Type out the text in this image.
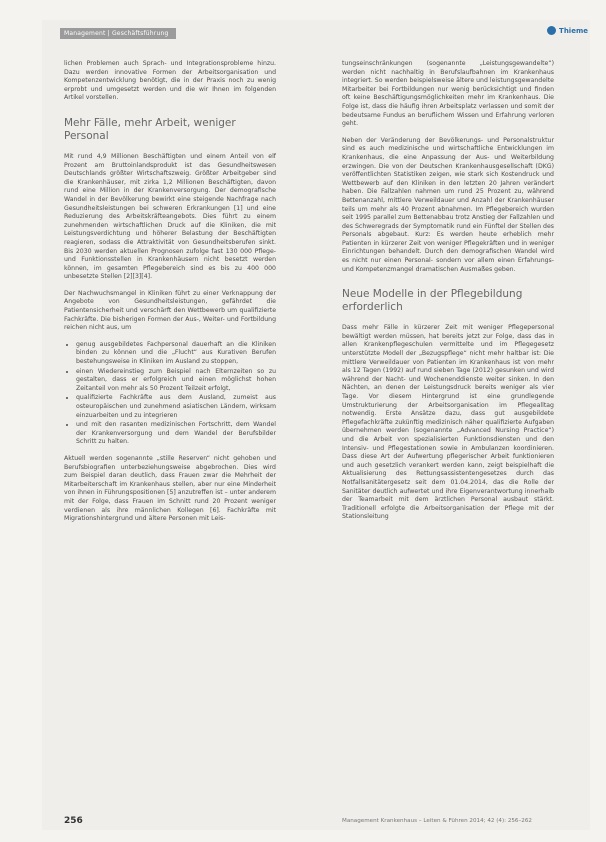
Management | Geschäftsführung	Thieme

lichen Problemen auch Sprach- und Integrationsprobleme hinzu. Dazu werden innovative Formen der Arbeitsorganisation und Kompetenzentwicklung benötigt, die in der Praxis noch zu wenig erprobt und umgesetzt werden und die wir Ihnen im folgenden Artikel vorstellen.

Mehr Fälle, mehr Arbeit, weniger Personal

Mit rund 4,9 Millionen Beschäftigten und einem Anteil von elf Prozent am Bruttoinlandsprodukt ist das Gesundheitswesen Deutschlands größter Wirtschaftszweig. Größter Arbeitgeber sind die Krankenhäuser, mit zirka 1,2 Millionen Beschäftigten, davon rund eine Million in der Krankenversorgung. Der demografische Wandel in der Bevölkerung bewirkt eine steigende Nachfrage nach Gesundheitsleistungen bei schweren Erkrankungen [1] und eine Reduzierung des Arbeitskräfteangebots. Dies führt zu einem zunehmenden wirtschaftlichen Druck auf die Kliniken, die mit Leistungsverdichtung und höherer Belastung der Beschäftigten reagieren, sodass die Attraktivität von Gesundheitsberufen sinkt. Bis 2030 werden aktuellen Prognosen zufolge fast 130 000 Pflege- und Funktionsstellen in Krankenhäusern nicht besetzt werden können, im gesamten Pflegebereich sind es bis zu 400 000 unbesetzte Stellen [2][3][4].

Der Nachwuchsmangel in Kliniken führt zu einer Verknappung der Angebote von Gesundheitsleistungen, gefährdet die Patientensicherheit und verschärft den Wettbewerb um qualifizierte Fachkräfte. Die bisherigen Formen der Aus-, Weiter- und Fortbildung reichen nicht aus, um

• genug ausgebildetes Fachpersonal dauerhaft an die Kliniken binden zu können und die „Flucht“ aus Kurativen Berufen bestehungsweise in Kliniken im Ausland zu stoppen,
• einen Wiedereinstieg zum Beispiel nach Elternzeiten so zu gestalten, dass er erfolgreich und einen möglichst hohen Zeitanteil von mehr als 50 Prozent Teilzeit erfolgt,
• qualifizierte Fachkräfte aus dem Ausland, zumeist aus osteuropäischen und zunehmend asiatischen Ländern, wirksam einzuarbeiten und zu integrieren
• und mit den rasanten medizinischen Fortschritt, dem Wandel der Krankenversorgung und dem Wandel der Berufsbilder Schritt zu halten.

Aktuell werden sogenannte „stille Reserven“ nicht gehoben und Berufsbiografien unterbeziehungsweise abgebrochen. Dies wird zum Beispiel daran deutlich, dass Frauen zwar die Mehrheit der Mitarbeiterschaft im Krankenhaus stellen, aber nur eine Minderheit von ihnen in Führungspositionen [5] anzutreffen ist – unter anderem mit der Folge, dass Frauen im Schnitt rund 20 Prozent weniger verdienen als ihre männlichen Kollegen [6]. Fachkräfte mit Migrationshintergrund und ältere Personen mit Leis-

tungseinschränkungen (sogenannte „Leistungsgewandelte“) werden nicht nachhaltig in Berufslaufbahnen im Krankenhaus integriert. So werden beispielsweise ältere und leistungsgewandelte Mitarbeiter bei Fortbildungen nur wenig berücksichtigt und finden oft keine Beschäftigungsmöglichkeiten mehr im Krankenhaus. Die Folge ist, dass die häufig ihren Arbeitsplatz verlassen und somit der bedeutsame Fundus an beruflichem Wissen und Erfahrung verloren geht.

Neben der Veränderung der Bevölkerungs- und Personalstruktur sind es auch medizinische und wirtschaftliche Entwicklungen im Krankenhaus, die eine Anpassung der Aus- und Weiterbildung erzwingen. Die von der Deutschen Krankenhausgesellschaft (DKG) veröffentlichten Statistiken zeigen, wie stark sich Kostendruck und Wettbewerb auf den Kliniken in den letzten 20 Jahren verändert haben. Die Fallzahlen nahmen um rund 25 Prozent zu, während Bettenanzahl, mittlere Verweildauer und Anzahl der Krankenhäuser teils um mehr als 40 Prozent abnahmen. Im Pflegebereich wurden seit 1995 parallel zum Bettenabbau trotz Anstieg der Fallzahlen und des Schweregrads der Symptomatik rund ein Fünftel der Stellen des Personals abgebaut. Kurz: Es werden heute erheblich mehr Patienten in kürzerer Zeit von weniger Pflegekräften und in weniger Einrichtungen behandelt. Durch den demografischen Wandel wird es nicht nur einen Personal- sondern vor allem einen Erfahrungs- und Kompetenzmangel dramatischen Ausmaßes geben.

Neue Modelle in der Pflegebildung erforderlich

Dass mehr Fälle in kürzerer Zeit mit weniger Pflegepersonal bewältigt werden müssen, hat bereits jetzt zur Folge, dass das in allen Krankenpflegeschulen vermittelte und im Pflegegesetz unterstützte Modell der „Bezugspflege“ nicht mehr haltbar ist: Die mittlere Verweildauer von Patienten im Krankenhaus ist von mehr als 12 Tagen (1992) auf rund sieben Tage (2012) gesunken und wird während der Nacht- und Wochenenddienste weiter sinken. In den Nächten, an denen der Leistungsdruck bereits weniger als vier Tage. Vor diesem Hintergrund ist eine grundlegende Umstrukturierung der Arbeitsorganisation im Pflegealltag notwendig. Erste Ansätze dazu, dass gut ausgebildete Pflegefachkräfte zukünftig medizinisch näher qualifizierte Aufgaben übernehmen werden (sogenannte „Advanced Nursing Practice“) und die Arbeit von spezialisierten Funktionsdiensten und den Intensiv- und Pflegestationen sowie in Ambulanzen koordinieren. Dass diese Art der Aufwertung pflegerischer Arbeit funktionieren und auch gesetzlich verankert werden kann, zeigt beispielhaft die Aktualisierung des Rettungsassistentengesetzes durch das Notfallsanitätergesetz seit dem 01.04.2014, das die Rolle der Sanitäter deutlich aufwertet und ihre Eigenverantwortung innerhalb der Teamarbeit mit dem ärztlichen Personal ausbaut stärkt. Traditionell erfolgte die Arbeitsorganisation der Pflege mit der Stationsleitung

256	Management Krankenhaus – Leiten & Führen 2014; 42 (4): 256–262
